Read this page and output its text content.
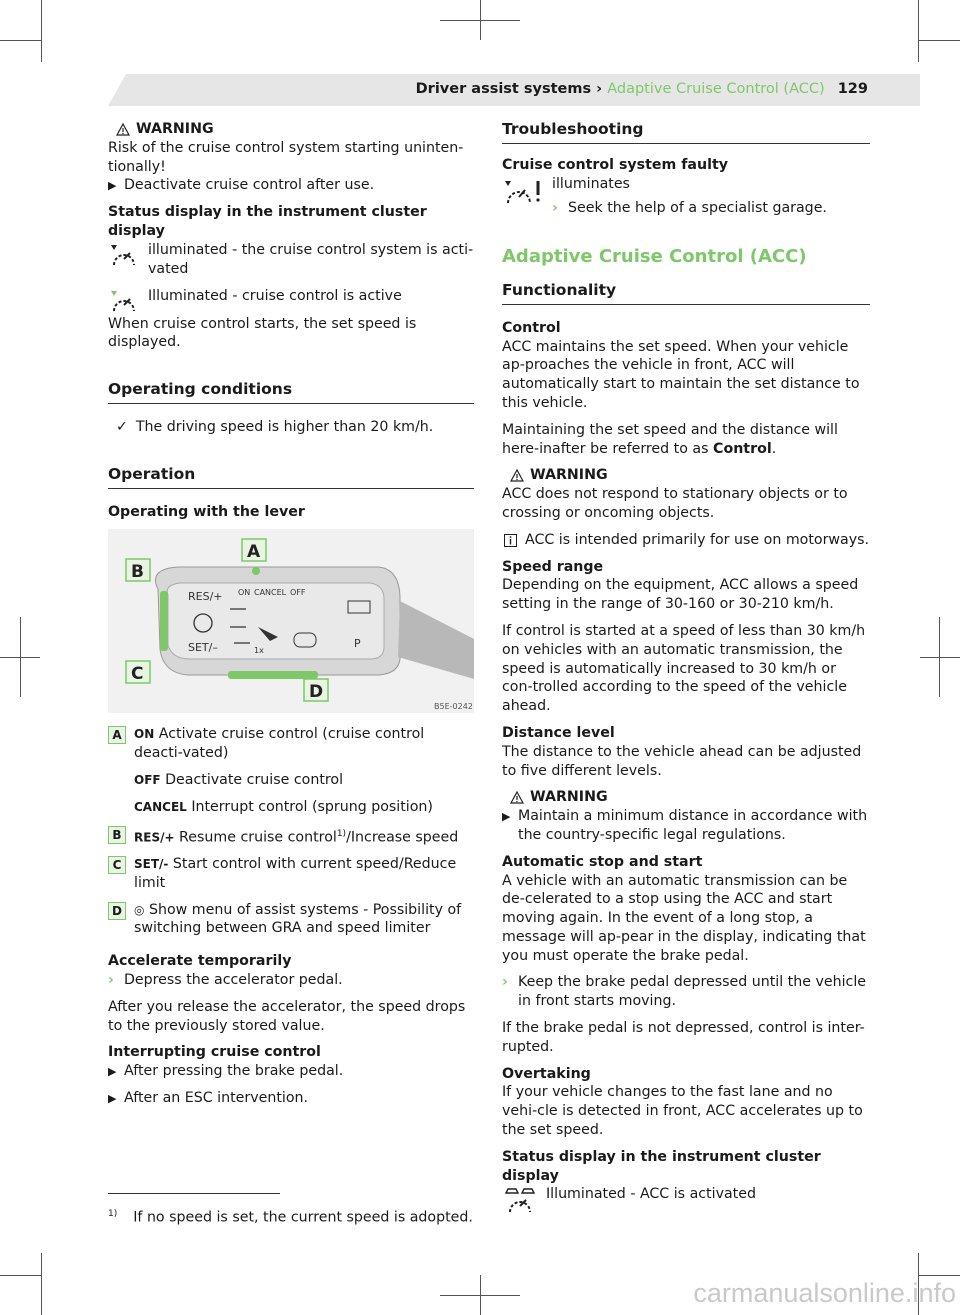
Driver assist systems › Adaptive Cruise Control (ACC) 129
WARNING
Risk of the cruise control system starting uninten-tionally!
▶ Deactivate cruise control after use.
Status display in the instrument cluster display
illuminated - the cruise control system is acti-vated
Illuminated - cruise control is active
When cruise control starts, the set speed is displayed.
Operating conditions
✓ The driving speed is higher than 20 km/h.
Operation
Operating with the lever
RES/+ ON CANCEL OFF
SET/–	1x
P
A
B
C
D
B5E-0242
A	ON Activate cruise control (cruise control deacti-vated)
OFF Deactivate cruise control
CANCEL Interrupt control (sprung position)
B	RES/+ Resume cruise control$^{1)}$/Increase speed
C	SET/- Start control with current speed/Reduce limit
D	◎ Show menu of assist systems - Possibility of switching between GRA and speed limiter
Accelerate temporarily
› Depress the accelerator pedal.
After you release the accelerator, the speed drops to the previously stored value.
Interrupting cruise control
▶ After pressing the brake pedal.
▶ After an ESC intervention.
Troubleshooting
Cruise control system faulty
illuminates
› Seek the help of a specialist garage.
Adaptive Cruise Control (ACC)
Functionality
Control
ACC maintains the set speed. When your vehicle ap-proaches the vehicle in front, ACC will automatically start to maintain the set distance to this vehicle.
Maintaining the set speed and the distance will here-inafter be referred to as Control.
WARNING
ACC does not respond to stationary objects or to crossing or oncoming objects.
ACC is intended primarily for use on motorways.
Speed range
Depending on the equipment, ACC allows a speed setting in the range of 30-160 or 30-210 km/h.
If control is started at a speed of less than 30 km/h on vehicles with an automatic transmission, the speed is automatically increased to 30 km/h or con-trolled according to the speed of the vehicle ahead.
Distance level
The distance to the vehicle ahead can be adjusted to five different levels.
WARNING
▶ Maintain a minimum distance in accordance with the country-specific legal regulations.
Automatic stop and start
A vehicle with an automatic transmission can be de-celerated to a stop using the ACC and start moving again. In the event of a long stop, a message will ap-pear in the display, indicating that you must operate the brake pedal.
› Keep the brake pedal depressed until the vehicle in front starts moving.
If the brake pedal is not depressed, control is inter-rupted.
Overtaking
If your vehicle changes to the fast lane and no vehi-cle is detected in front, ACC accelerates up to the set speed.
Status display in the instrument cluster display
Illuminated - ACC is activated
$^{1)}$ If no speed is set, the current speed is adopted.
carmanualsonline.info
